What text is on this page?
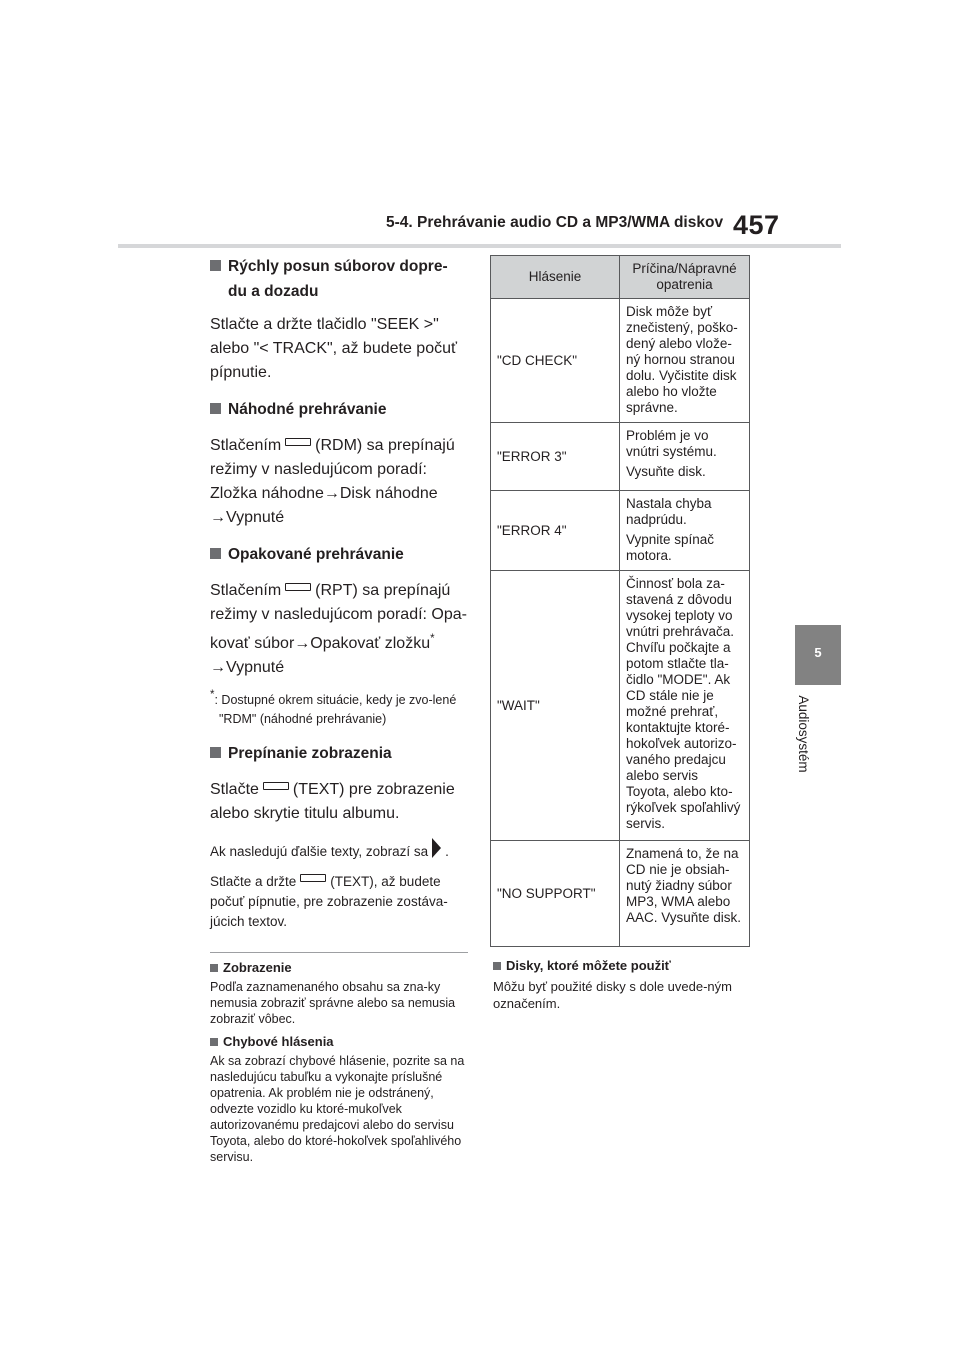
5-4. Prehrávanie audio CD a MP3/WMA diskov 457
5
Audiosystém

Rýchly posun súborov dopre-
du a dozadu

Stlačte a držte tlačidlo "SEEK >" alebo "< TRACK", až budete počuť pípnutie.

Náhodné prehrávanie

Stlačením (RDM) sa prepínajú režimy v nasledujúcom poradí: Zložka náhodne→Disk náhodne →Vypnuté

Opakované prehrávanie

Stlačením (RPT) sa prepínajú režimy v nasledujúcom poradí: Opa-kovať súbor→Opakovať zložku* →Vypnuté

*: Dostupné okrem situácie, kedy je zvo-lené "RDM" (náhodné prehrávanie)

Prepínanie zobrazenia

Stlačte (TEXT) pre zobrazenie alebo skrytie titulu albumu.

Ak nasledujú ďalšie texty, zobrazí sa .

Stlačte a držte	(TEXT), až budete počuť pípnutie, pre zobrazenie zostáva-júcich textov.

Zobrazenie

Podľa zaznamenaného obsahu sa zna-ky nemusia zobraziť správne alebo sa nemusia zobraziť vôbec.

Chybové hlásenia

Ak sa zobrazí chybové hlásenie, pozrite sa na nasledujúcu tabuľku a vykonajte príslušné opatrenia. Ak problém nie je odstránený, odvezte vozidlo ku ktoré-mukoľvek autorizovanému predajcovi alebo do servisu Toyota, alebo do ktoré-hokoľvek spoľahlivého servisu.

Hlásenie	Príčina/Nápravné opatrenia
"CD CHECK"	Disk môže byť znečistený, poško-dený alebo vlože-ný hornou stranou dolu. Vyčistite disk alebo ho vložte správne.

"ERROR 3"	Problém je vo vnútri systému.

Vysuňte disk.

"ERROR 4"	Nastala chyba nadprúdu.

Vypnite spínač motora.

"WAIT"	Činnosť bola za-stavená z dôvodu vysokej teploty vo vnútri prehrávača. Chvíľu počkajte a potom stlačte tla-čidlo "MODE". Ak CD stále nie je možné prehrať, kontaktujte ktoré-hokoľvek autorizo-vaného predajcu alebo servis Toyota, alebo kto-rýkoľvek spoľahlivý servis.

"NO SUPPORT"	Znamená to, že na CD nie je obsiah-nutý žiadny súbor MP3, WMA alebo AAC. Vysuňte disk.

Disky, ktoré môžete použiť

Môžu byť použité disky s dole uvede-ným označením.
